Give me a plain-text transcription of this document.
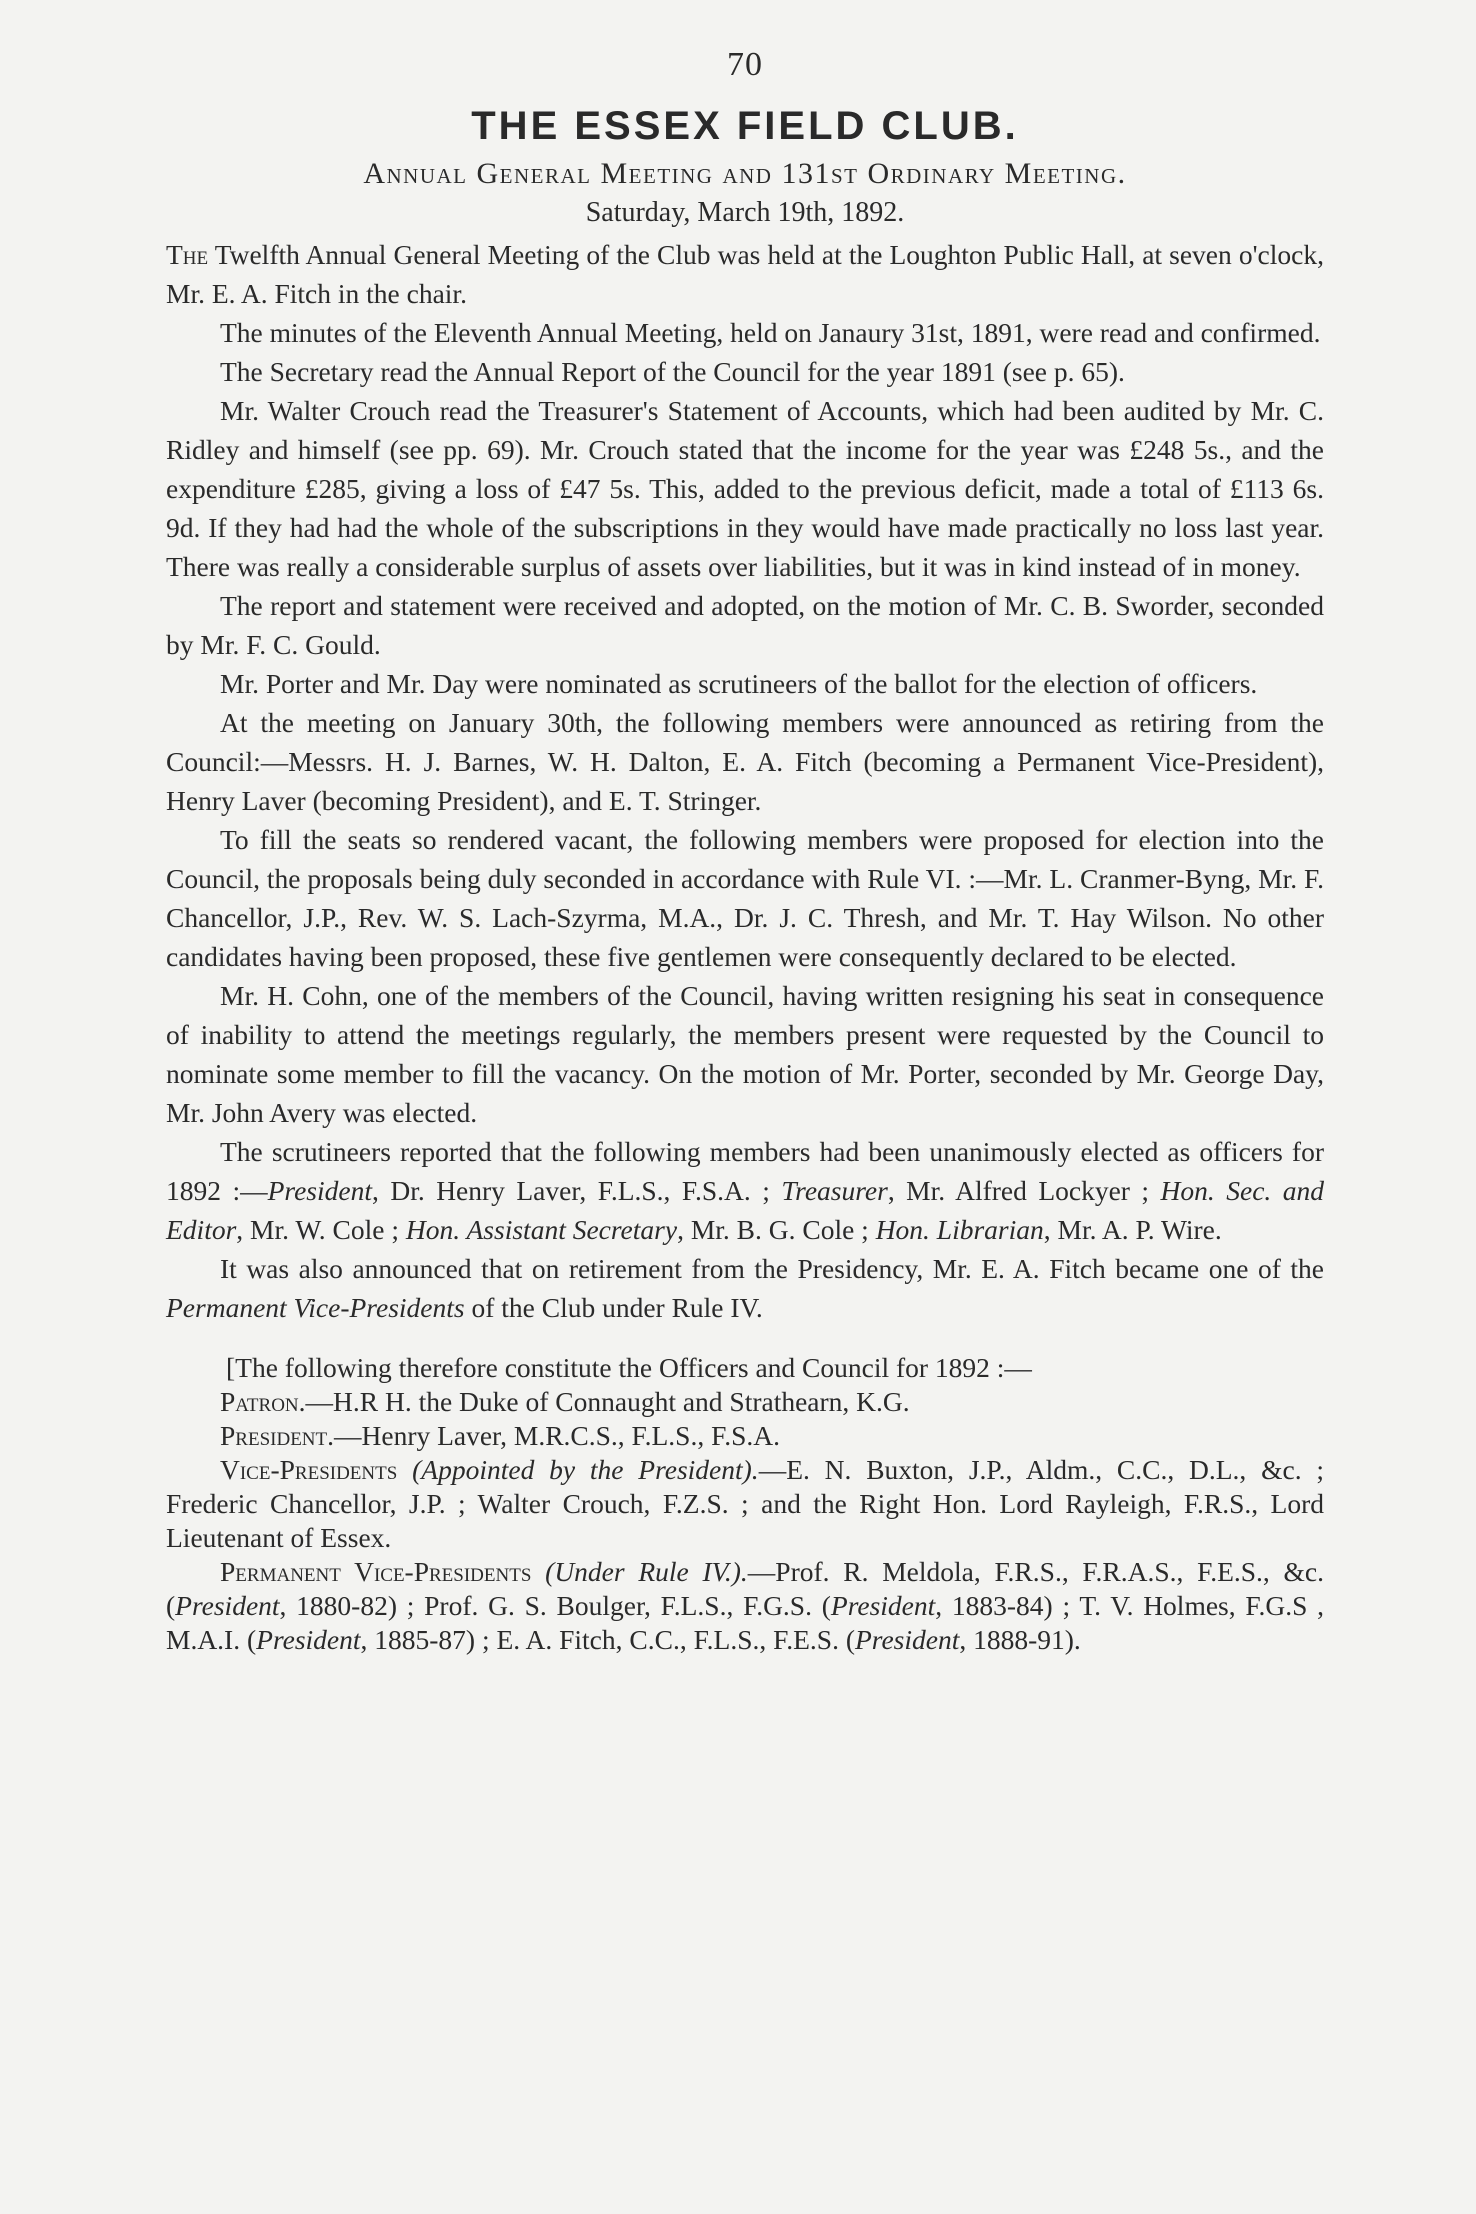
70
THE ESSEX FIELD CLUB.
Annual General Meeting and 131st Ordinary Meeting.
Saturday, March 19th, 1892.

The Twelfth Annual General Meeting of the Club was held at the Loughton Public Hall, at seven o'clock, Mr. E. A. Fitch in the chair.

The minutes of the Eleventh Annual Meeting, held on Janaury 31st, 1891, were read and confirmed.

The Secretary read the Annual Report of the Council for the year 1891 (see p. 65).

Mr. Walter Crouch read the Treasurer's Statement of Accounts, which had been audited by Mr. C. Ridley and himself (see pp. 69). Mr. Crouch stated that the income for the year was £248 5s., and the expenditure £285, giving a loss of £47 5s. This, added to the previous deficit, made a total of £113 6s. 9d. If they had had the whole of the subscriptions in they would have made practically no loss last year. There was really a considerable surplus of assets over liabilities, but it was in kind instead of in money.

The report and statement were received and adopted, on the motion of Mr. C. B. Sworder, seconded by Mr. F. C. Gould.

Mr. Porter and Mr. Day were nominated as scrutineers of the ballot for the election of officers.

At the meeting on January 30th, the following members were announced as retiring from the Council:—Messrs. H. J. Barnes, W. H. Dalton, E. A. Fitch (becoming a Permanent Vice-President), Henry Laver (becoming President), and E. T. Stringer.

To fill the seats so rendered vacant, the following members were proposed for election into the Council, the proposals being duly seconded in accordance with Rule VI. :—Mr. L. Cranmer-Byng, Mr. F. Chancellor, J.P., Rev. W. S. Lach-Szyrma, M.A., Dr. J. C. Thresh, and Mr. T. Hay Wilson. No other candidates having been proposed, these five gentlemen were consequently declared to be elected.

Mr. H. Cohn, one of the members of the Council, having written resigning his seat in consequence of inability to attend the meetings regularly, the members present were requested by the Council to nominate some member to fill the vacancy. On the motion of Mr. Porter, seconded by Mr. George Day, Mr. John Avery was elected.

The scrutineers reported that the following members had been unanimously elected as officers for 1892 :—President, Dr. Henry Laver, F.L.S., F.S.A. ; Treasurer, Mr. Alfred Lockyer ; Hon. Sec. and Editor, Mr. W. Cole ; Hon. Assistant Secretary, Mr. B. G. Cole ; Hon. Librarian, Mr. A. P. Wire.

It was also announced that on retirement from the Presidency, Mr. E. A. Fitch became one of the Permanent Vice-Presidents of the Club under Rule IV.

[The following therefore constitute the Officers and Council for 1892 :—

Patron.—H.R H. the Duke of Connaught and Strathearn, K.G.

President.—Henry Laver, M.R.C.S., F.L.S., F.S.A.

Vice-Presidents (Appointed by the President).—E. N. Buxton, J.P., Aldm., C.C., D.L., &c. ; Frederic Chancellor, J.P. ; Walter Crouch, F.Z.S. ; and the Right Hon. Lord Rayleigh, F.R.S., Lord Lieutenant of Essex.

Permanent Vice-Presidents (Under Rule IV.).—Prof. R. Meldola, F.R.S., F.R.A.S., F.E.S., &c. (President, 1880-82) ; Prof. G. S. Boulger, F.L.S., F.G.S. (President, 1883-84) ; T. V. Holmes, F.G.S , M.A.I. (President, 1885-87) ; E. A. Fitch, C.C., F.L.S., F.E.S. (President, 1888-91).
